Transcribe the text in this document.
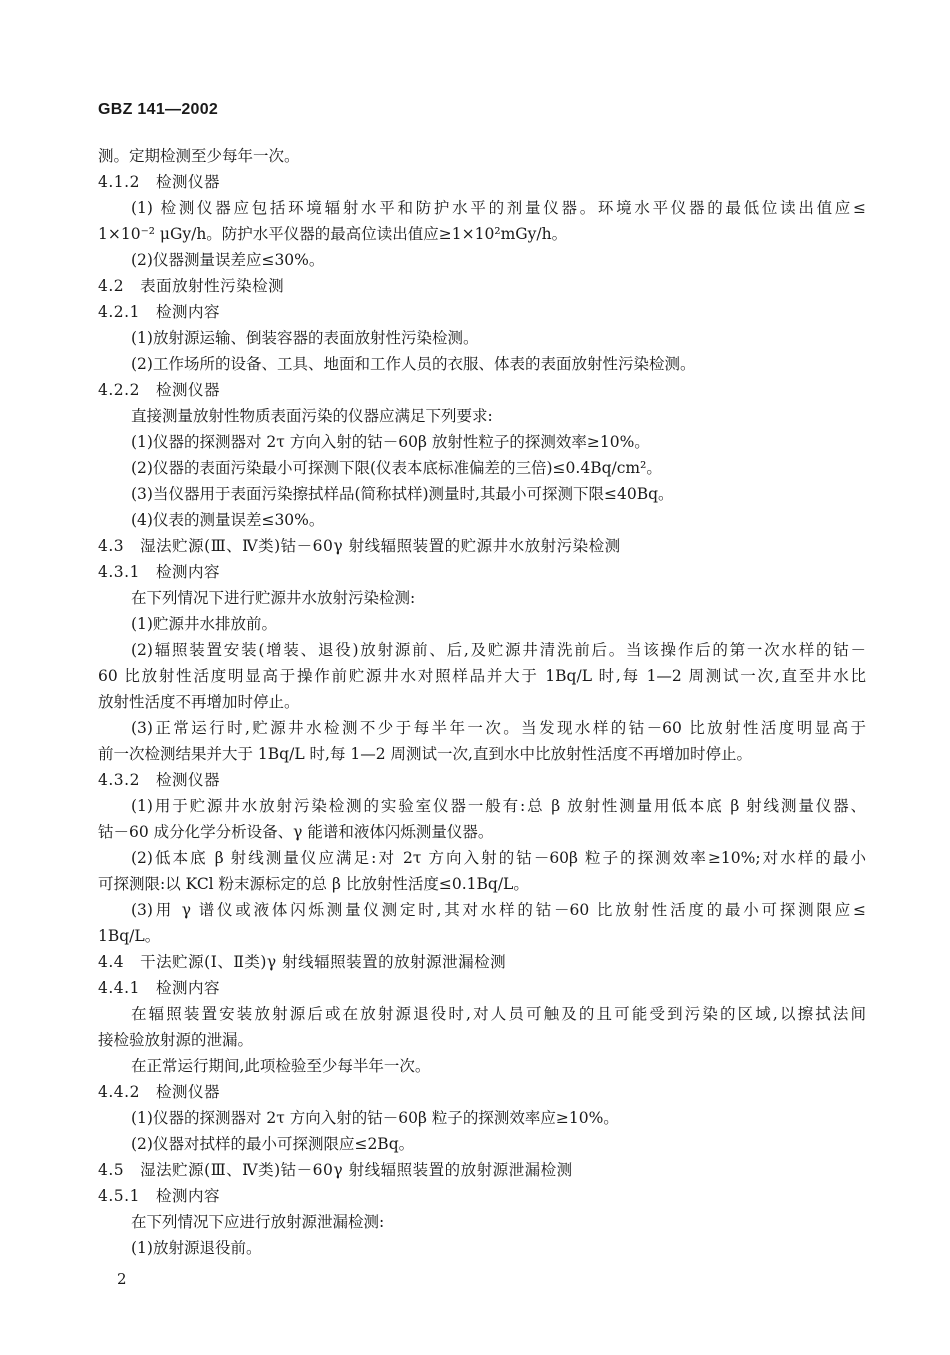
GBZ 141—2002
测。定期检测至少每年一次。
4.1.2　检测仪器
(1) 检测仪器应包括环境辐射水平和防护水平的剂量仪器。环境水平仪器的最低位读出值应≤
1×10⁻² μGy/h。防护水平仪器的最高位读出值应≥1×10²mGy/h。
(2)仪器测量误差应≤30%。
4.2　表面放射性污染检测
4.2.1　检测内容
(1)放射源运输、倒装容器的表面放射性污染检测。
(2)工作场所的设备、工具、地面和工作人员的衣服、体表的表面放射性污染检测。
4.2.2　检测仪器
直接测量放射性物质表面污染的仪器应满足下列要求:
(1)仪器的探测器对 2τ 方向入射的钴－60β 放射性粒子的探测效率≥10%。
(2)仪器的表面污染最小可探测下限(仪表本底标准偏差的三倍)≤0.4Bq/cm²。
(3)当仪器用于表面污染擦拭样品(简称拭样)测量时,其最小可探测下限≤40Bq。
(4)仪表的测量误差≤30%。
4.3　湿法贮源(Ⅲ、Ⅳ类)钴－60γ 射线辐照装置的贮源井水放射污染检测
4.3.1　检测内容
在下列情况下进行贮源井水放射污染检测:
(1)贮源井水排放前。
(2)辐照装置安装(增装、退役)放射源前、后,及贮源井清洗前后。当该操作后的第一次水样的钴－
60 比放射性活度明显高于操作前贮源井水对照样品并大于 1Bq/L 时,每 1—2 周测试一次,直至井水比
放射性活度不再增加时停止。
(3)正常运行时,贮源井水检测不少于每半年一次。当发现水样的钴－60 比放射性活度明显高于
前一次检测结果并大于 1Bq/L 时,每 1—2 周测试一次,直到水中比放射性活度不再增加时停止。
4.3.2　检测仪器
(1)用于贮源井水放射污染检测的实验室仪器一般有:总 β 放射性测量用低本底 β 射线测量仪器、
钴－60 成分化学分析设备、γ 能谱和液体闪烁测量仪器。
(2)低本底 β 射线测量仪应满足:对 2τ 方向入射的钴－60β 粒子的探测效率≥10%;对水样的最小
可探测限:以 KCl 粉末源标定的总 β 比放射性活度≤0.1Bq/L。
(3)用 γ 谱仪或液体闪烁测量仪测定时,其对水样的钴－60 比放射性活度的最小可探测限应≤
1Bq/L。
4.4　干法贮源(Ⅰ、Ⅱ类)γ 射线辐照装置的放射源泄漏检测
4.4.1　检测内容
在辐照装置安装放射源后或在放射源退役时,对人员可触及的且可能受到污染的区域,以擦拭法间
接检验放射源的泄漏。
在正常运行期间,此项检验至少每半年一次。
4.4.2　检测仪器
(1)仪器的探测器对 2τ 方向入射的钴－60β 粒子的探测效率应≥10%。
(2)仪器对拭样的最小可探测限应≤2Bq。
4.5　湿法贮源(Ⅲ、Ⅳ类)钴－60γ 射线辐照装置的放射源泄漏检测
4.5.1　检测内容
在下列情况下应进行放射源泄漏检测:
(1)放射源退役前。
2
